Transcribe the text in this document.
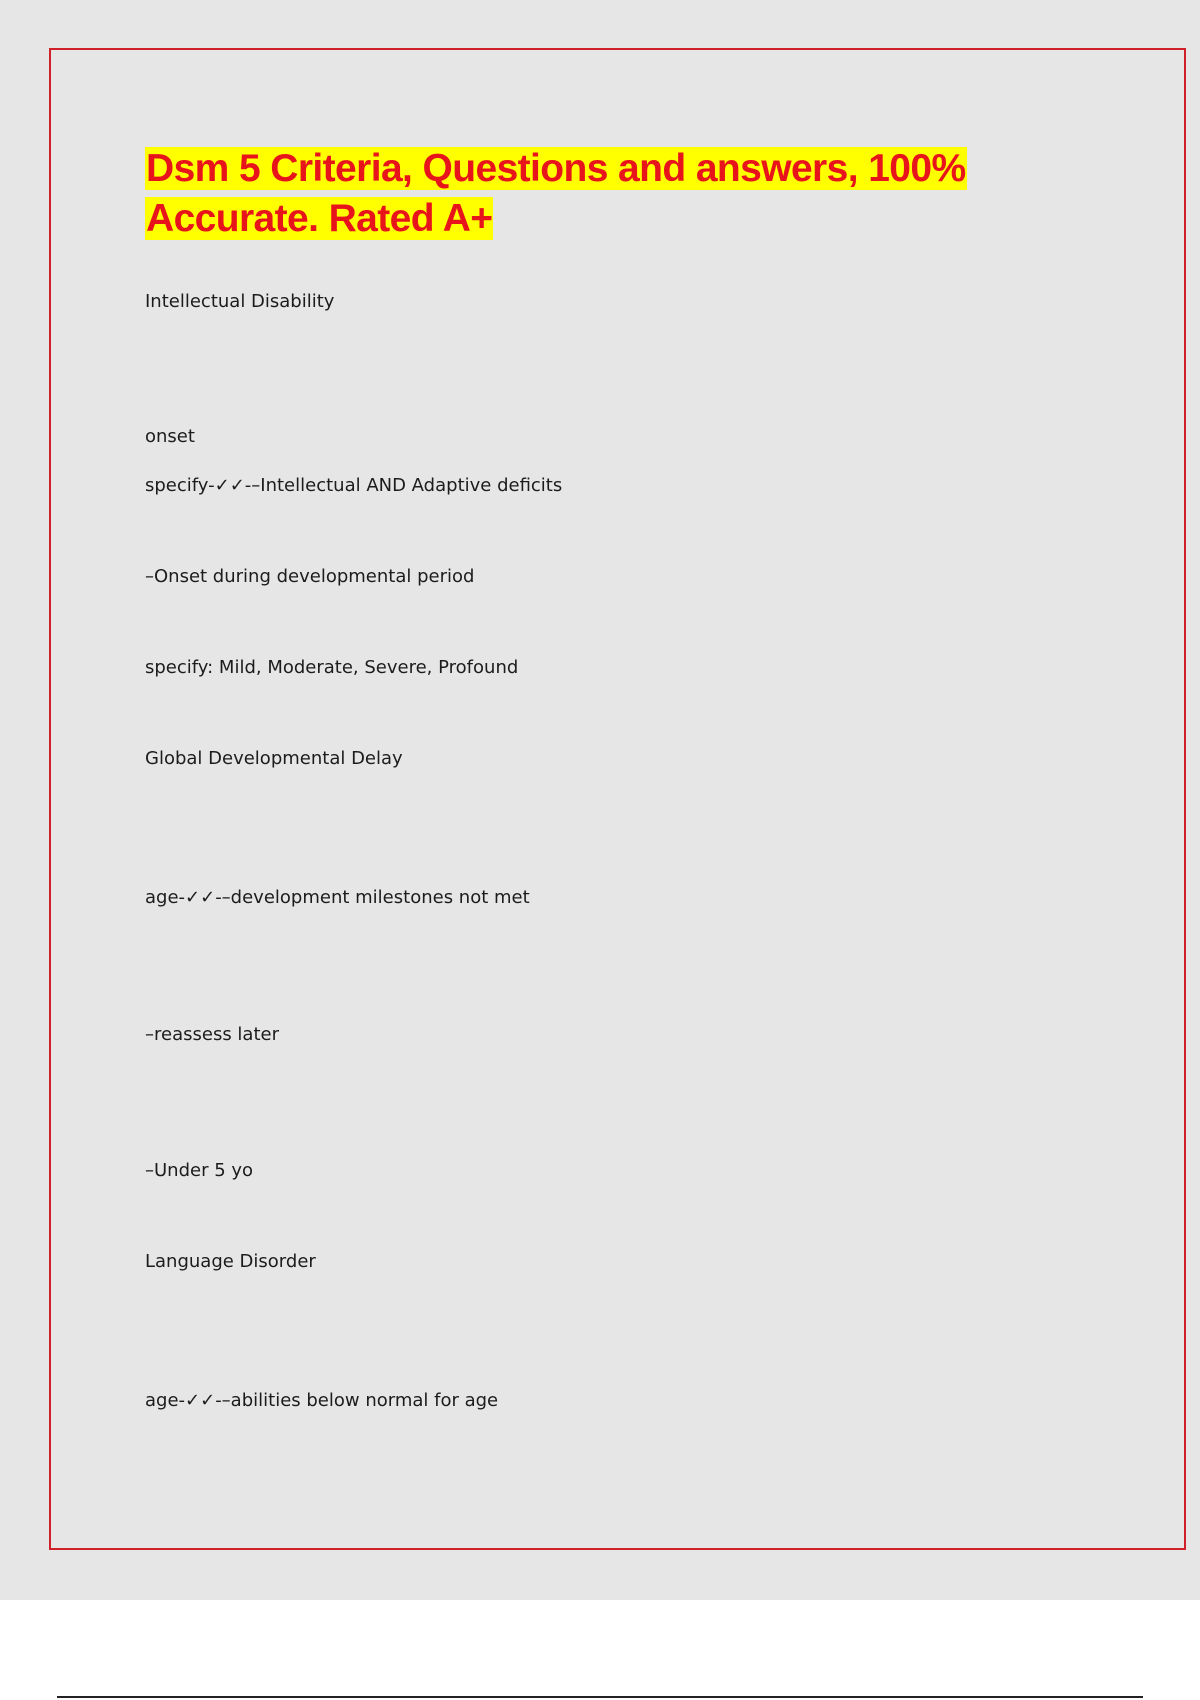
Dsm 5 Criteria, Questions and answers, 100% Accurate. Rated A+

Intellectual Disability

onset

specify-✓✓-–Intellectual AND Adaptive deficits

–Onset during developmental period

specify: Mild, Moderate, Severe, Profound

Global Developmental Delay

age-✓✓-–development milestones not met

–reassess later

–Under 5 yo

Language Disorder

age-✓✓-–abilities below normal for age
